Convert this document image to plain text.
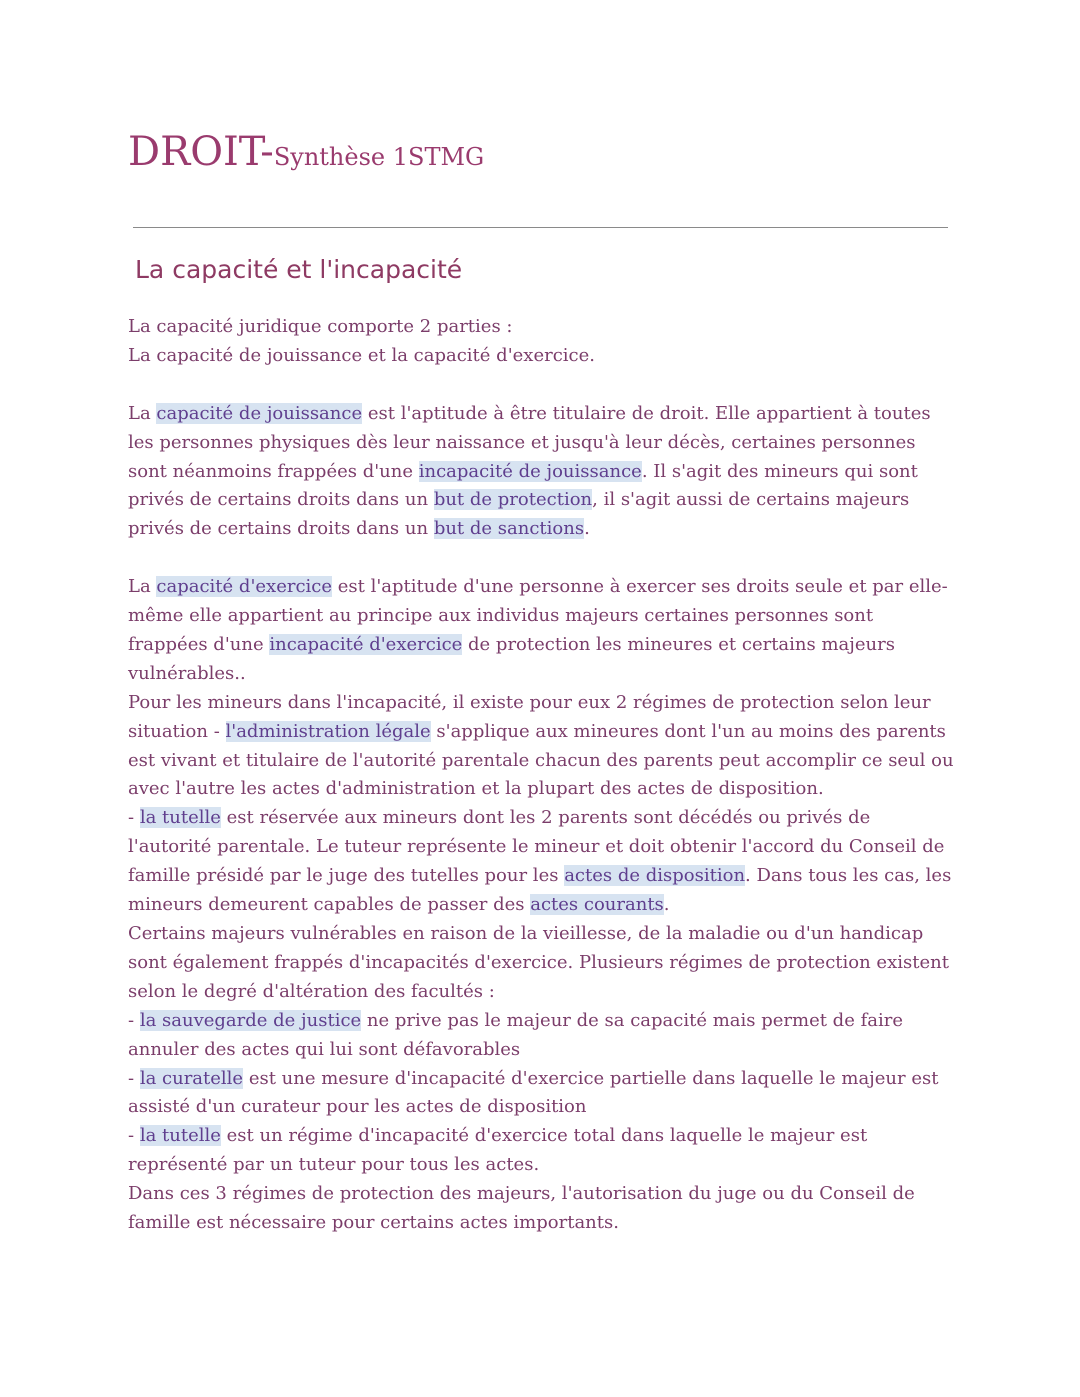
DROIT-Synthèse 1STMG
La capacité et l'incapacité

La capacité juridique comporte 2 parties :

La capacité de jouissance et la capacité d'exercice.

La capacité de jouissance est l'aptitude à être titulaire de droit. Elle appartient à toutes les personnes physiques dès leur naissance et jusqu'à leur décès, certaines personnes sont néanmoins frappées d'une incapacité de jouissance. Il s'agit des mineurs qui sont privés de certains droits dans un but de protection, il s'agit aussi de certains majeurs privés de certains droits dans un but de sanctions.

La capacité d'exercice est l'aptitude d'une personne à exercer ses droits seule et par elle-même elle appartient au principe aux individus majeurs certaines personnes sont frappées d'une incapacité d'exercice de protection les mineures et certains majeurs vulnérables..

Pour les mineurs dans l'incapacité, il existe pour eux 2 régimes de protection selon leur situation - l'administration légale s'applique aux mineures dont l'un au moins des parents est vivant et titulaire de l'autorité parentale chacun des parents peut accomplir ce seul ou avec l'autre les actes d'administration et la plupart des actes de disposition.

- la tutelle est réservée aux mineurs dont les 2 parents sont décédés ou privés de l'autorité parentale. Le tuteur représente le mineur et doit obtenir l'accord du Conseil de famille présidé par le juge des tutelles pour les actes de disposition. Dans tous les cas, les mineurs demeurent capables de passer des actes courants.

Certains majeurs vulnérables en raison de la vieillesse, de la maladie ou d'un handicap sont également frappés d'incapacités d'exercice. Plusieurs régimes de protection existent selon le degré d'altération des facultés :

- la sauvegarde de justice ne prive pas le majeur de sa capacité mais permet de faire annuler des actes qui lui sont défavorables

- la curatelle est une mesure d'incapacité d'exercice partielle dans laquelle le majeur est assisté d'un curateur pour les actes de disposition

- la tutelle est un régime d'incapacité d'exercice total dans laquelle le majeur est représenté par un tuteur pour tous les actes.

Dans ces 3 régimes de protection des majeurs, l'autorisation du juge ou du Conseil de famille est nécessaire pour certains actes importants.
